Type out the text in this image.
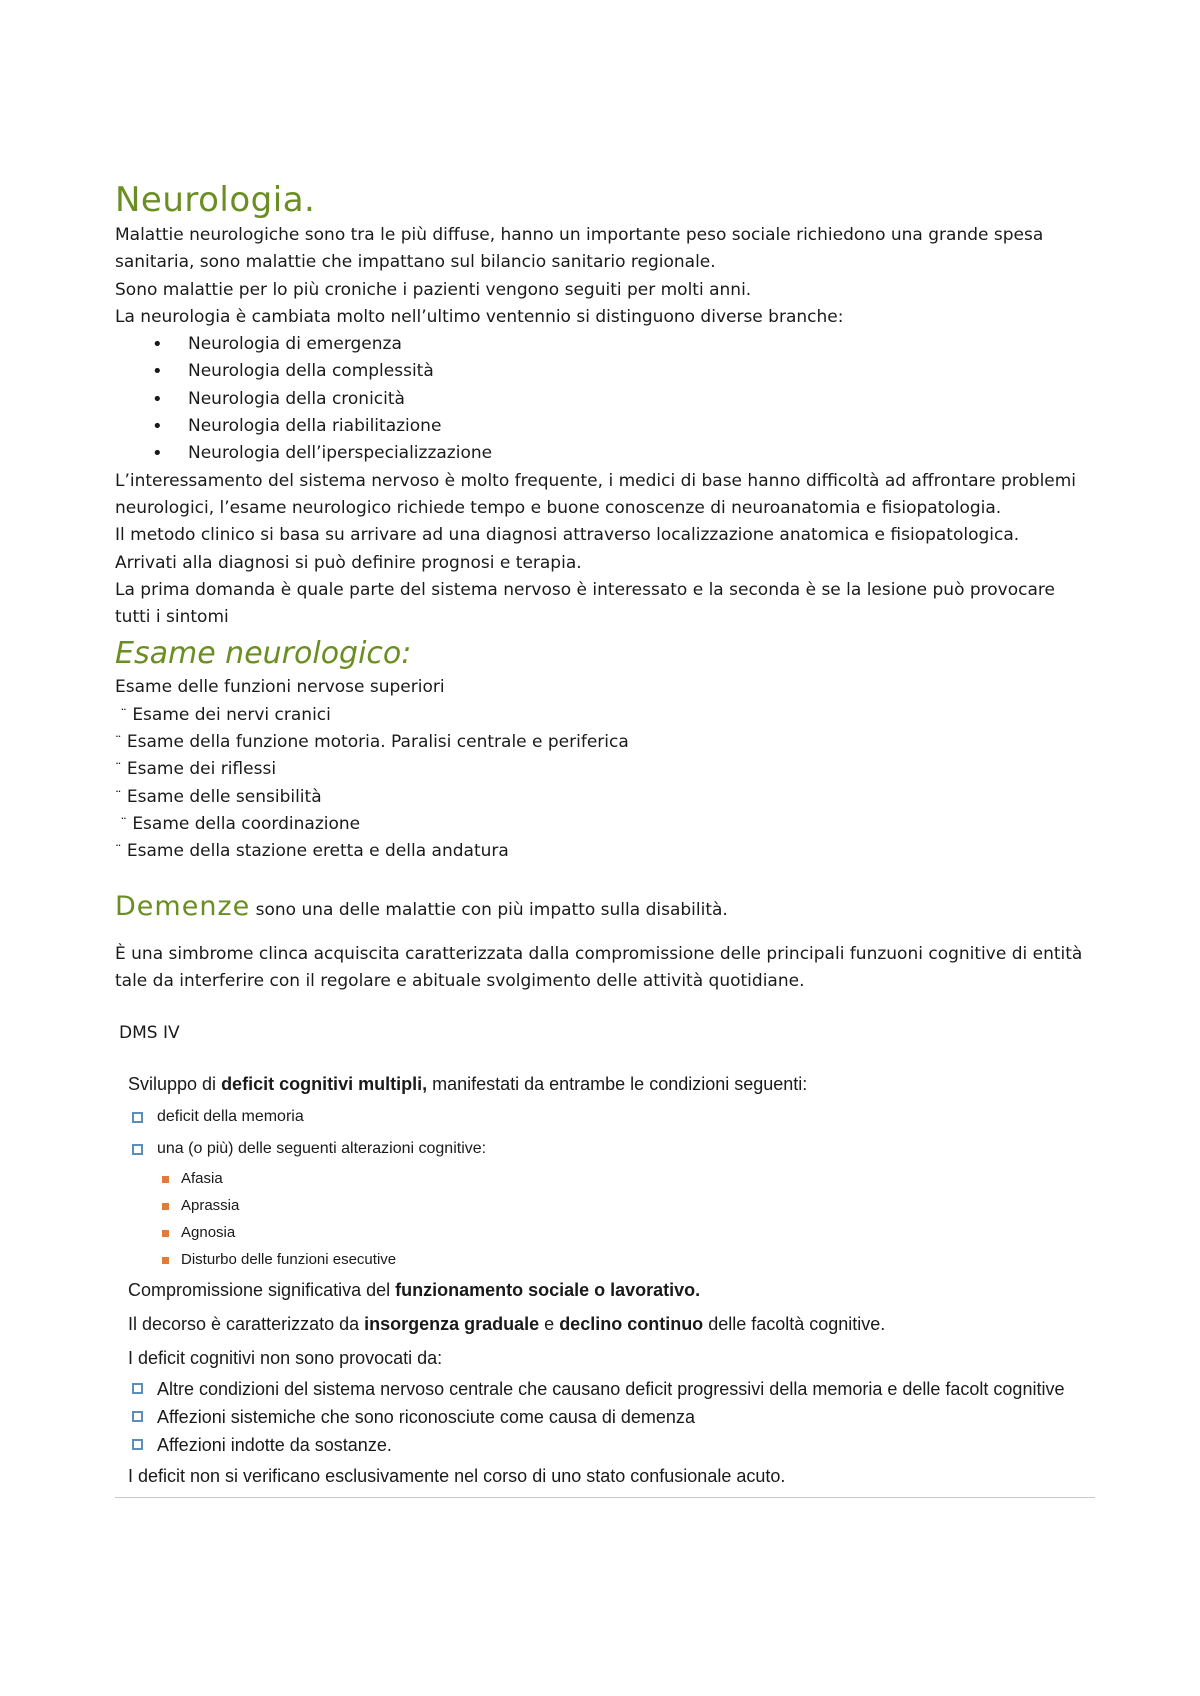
Neurologia.

Malattie neurologiche sono tra le più diffuse, hanno un importante peso sociale richiedono una grande spesa sanitaria, sono malattie che impattano sul bilancio sanitario regionale.

Sono malattie per lo più croniche i pazienti vengono seguiti per molti anni.

La neurologia è cambiata molto nell’ultimo ventennio si distinguono diverse branche:

• Neurologia di emergenza
• Neurologia della complessità
• Neurologia della cronicità
• Neurologia della riabilitazione
• Neurologia dell’iperspecializzazione

L’interessamento del sistema nervoso è molto frequente, i medici di base hanno difficoltà ad affrontare problemi neurologici, l’esame neurologico richiede tempo e buone conoscenze di neuroanatomia e fisiopatologia.

Il metodo clinico si basa su arrivare ad una diagnosi attraverso localizzazione anatomica e fisiopatologica.

Arrivati alla diagnosi si può definire prognosi e terapia.

La prima domanda è quale parte del sistema nervoso è interessato e la seconda è se la lesione può provocare tutti i sintomi

Esame neurologico:

Esame delle funzioni nervose superiori

¨ Esame dei nervi cranici

¨ Esame della funzione motoria. Paralisi centrale e periferica

¨ Esame dei riflessi

¨ Esame delle sensibilità

¨ Esame della coordinazione

¨ Esame della stazione eretta e della andatura

Demenze sono una delle malattie con più impatto sulla disabilità.

È una simbrome clinca acquiscita caratterizzata dalla compromissione delle principali funzuoni cognitive di entità tale da interferire con il regolare e abituale svolgimento delle attività quotidiane.

DMS IV

Sviluppo di deficit cognitivi multipli, manifestati da entrambe le condizioni seguenti:

deficit della memoria

una (o più) delle seguenti alterazioni cognitive:

Afasia

Aprassia

Agnosia

Disturbo delle funzioni esecutive

Compromissione significativa del funzionamento sociale o lavorativo.

Il decorso è caratterizzato da insorgenza graduale e declino continuo delle facoltà cognitive.

I deficit cognitivi non sono provocati da:

Altre condizioni del sistema nervoso centrale che causano deficit progressivi della memoria e delle facolt cognitive

Affezioni sistemiche che sono riconosciute come causa di demenza

Affezioni indotte da sostanze.

I deficit non si verificano esclusivamente nel corso di uno stato confusionale acuto.
